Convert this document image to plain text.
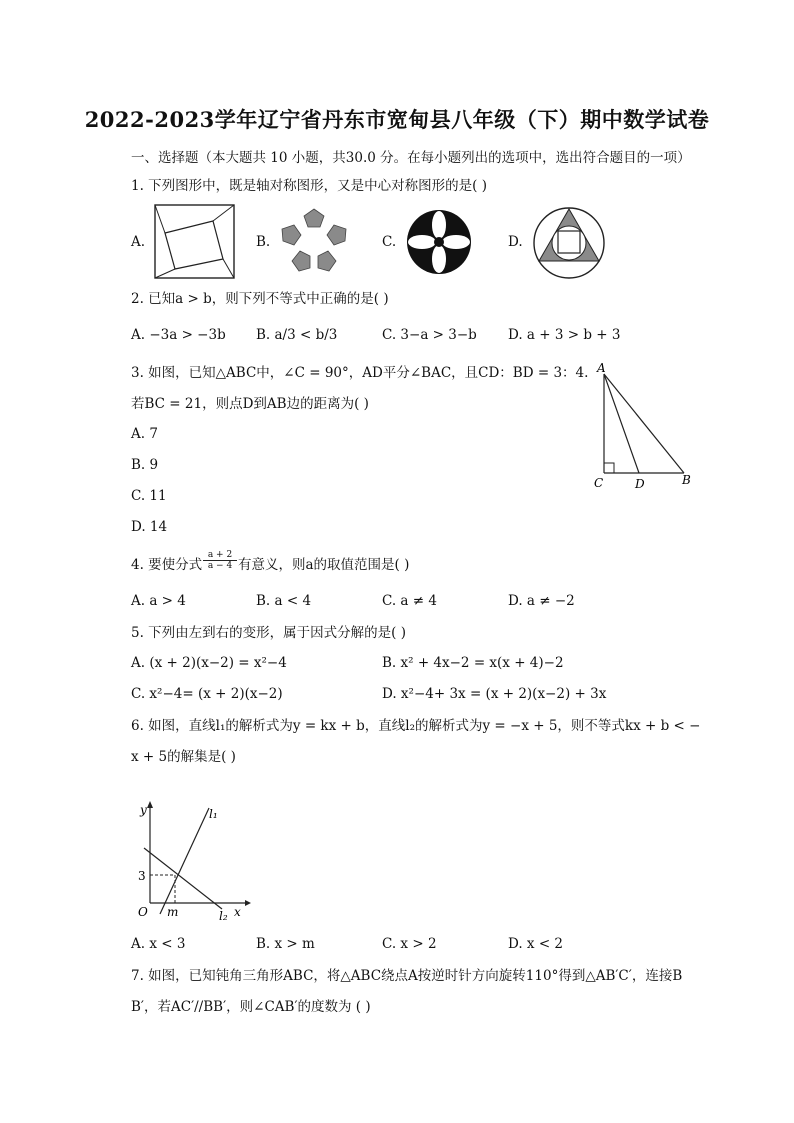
2022-2023学年辽宁省丹东市宽甸县八年级（下）期中数学试卷
一、选择题（本大题共 10 小题，共30.0 分。在每小题列出的选项中，选出符合题目的一项）
1. 下列图形中，既是轴对称图形，又是中心对称图形的是( )
A.	B.	C.	D.
2. 已知a > b，则下列不等式中正确的是( )
A. −3a > −3b B. a/3 < b/3	C. 3−a > 3−b D. a + 3 > b + 3
3. 如图，已知△ABC中，∠C = 90°，AD平分∠BAC，且CD：BD = 3：4.
若BC = 21，则点D到AB边的距离为( )
A. 7
B. 9
C. 11
D. 14
A
C	D	B
4. 要使分式 $\frac{a + 2}{a - 4}$ 有意义，则a的取值范围是( )
A. a > 4	B. a < 4	C. a ≠ 4	D. a ≠ −2
5. 下列由左到右的变形，属于因式分解的是( )
A. (x + 2)(x−2) = x²−4	B. x² + 4x−2 = x(x + 4)−2
C. x²−4= (x + 2)(x−2)	D. x²−4+ 3x = (x + 2)(x−2) + 3x
6. 如图，直线l₁的解析式为y = kx + b，直线l₂的解析式为y = −x + 5，则不等式kx + b < −
x + 5的解集是( )
y
x
O m
3
l₁
l₂
A. x < 3	B. x > m	C. x > 2	D. x < 2
7. 如图，已知钝角三角形ABC，将△ABC绕点A按逆时针方向旋转110°得到△AB′C′，连接B
B′，若AC′//BB′，则∠CAB′的度数为 ( )
